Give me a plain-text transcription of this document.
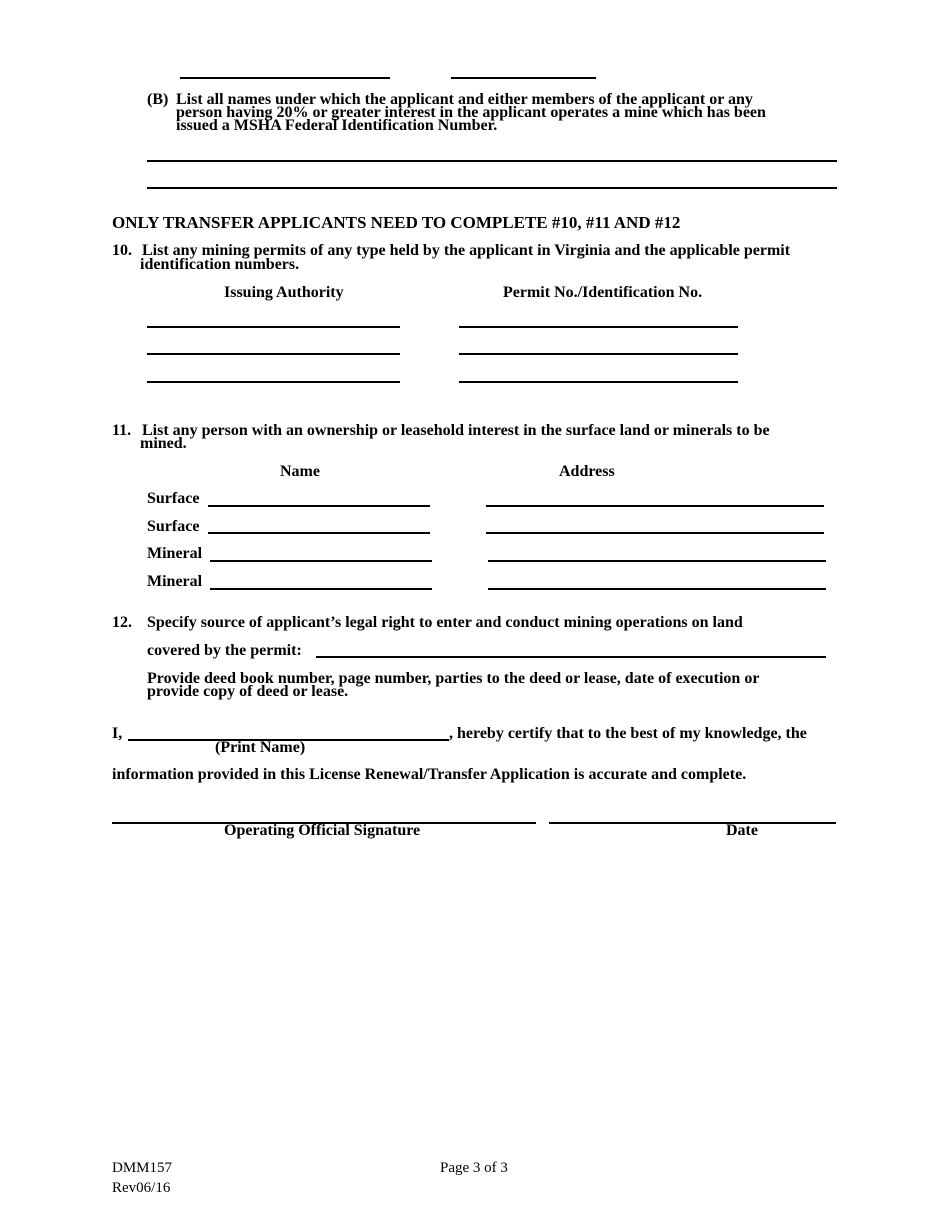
(B) List all names under which the applicant and either members of the applicant or any
person having 20% or greater interest in the applicant operates a mine which has been
issued a MSHA Federal Identification Number.
ONLY TRANSFER APPLICANTS NEED TO COMPLETE #10, #11 AND #12
10. List any mining permits of any type held by the applicant in Virginia and the applicable permit
identification numbers.
Issuing Authority	Permit No./Identification No.
11. List any person with an ownership or leasehold interest in the surface land or minerals to be
mined.
Name	Address
Surface
Surface
Mineral
Mineral
12. Specify source of applicant’s legal right to enter and conduct mining operations on land
covered by the permit:
Provide deed book number, page number, parties to the deed or lease, date of execution or
provide copy of deed or lease.
I,	, hereby certify that to the best of my knowledge, the
(Print Name)
information provided in this License Renewal/Transfer Application is accurate and complete.
Operating Official Signature	Date
DMM157
Rev06/16
Page 3 of 3
